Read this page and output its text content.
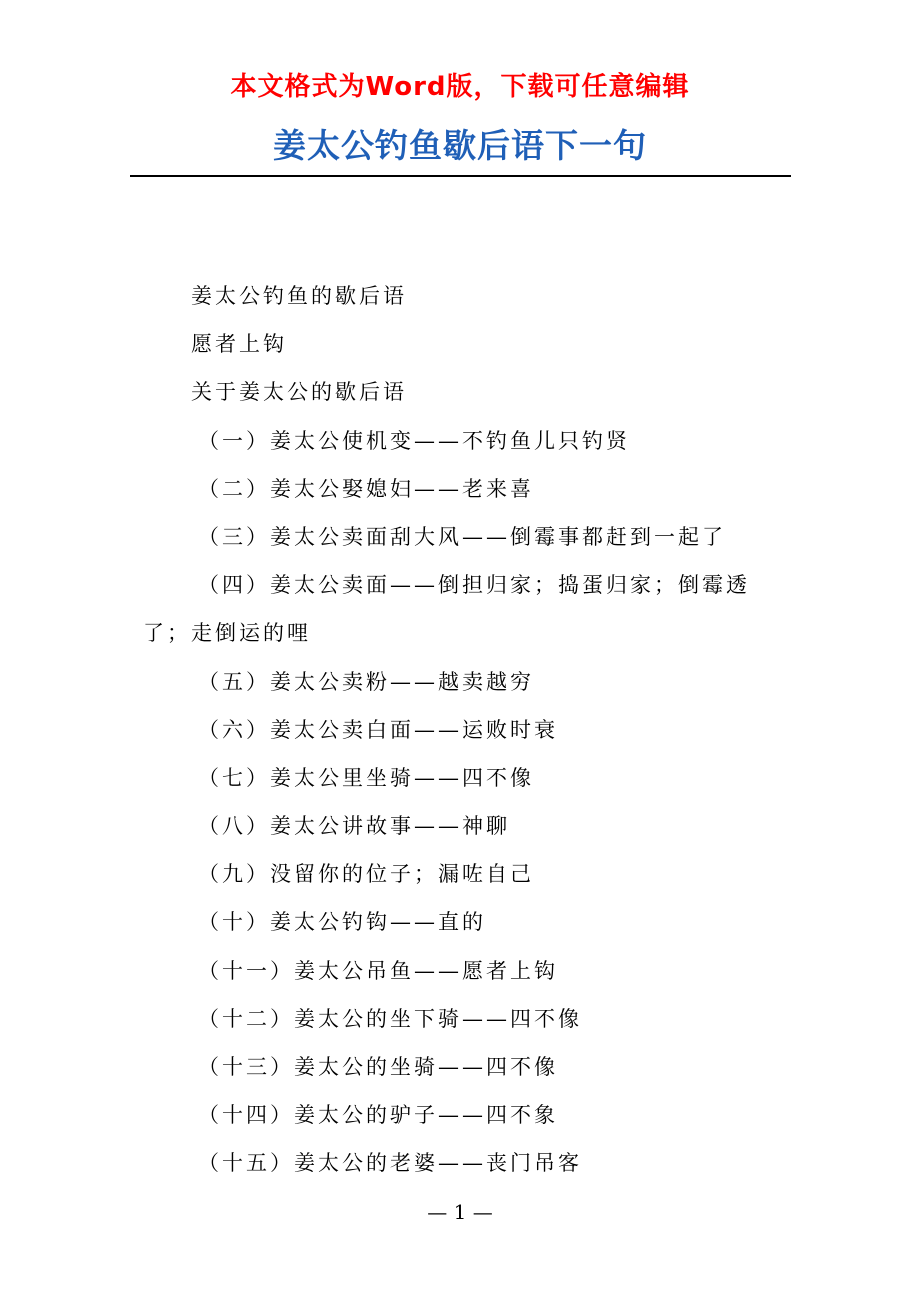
本文格式为Word版，下载可任意编辑
姜太公钓鱼歇后语下一句
姜太公钓鱼的歇后语
愿者上钩
关于姜太公的歇后语
（一）姜太公使机变——不钓鱼儿只钓贤
（二）姜太公娶媳妇——老来喜
（三）姜太公卖面刮大风——倒霉事都赶到一起了
（四）姜太公卖面——倒担归家；捣蛋归家；倒霉透
了；走倒运的哩
（五）姜太公卖粉——越卖越穷
（六）姜太公卖白面——运败时衰
（七）姜太公里坐骑——四不像
（八）姜太公讲故事——神聊
（九）没留你的位子；漏咗自己
（十）姜太公钓钩——直的
（十一）姜太公吊鱼——愿者上钩
（十二）姜太公的坐下骑——四不像
（十三）姜太公的坐骑——四不像
（十四）姜太公的驴子——四不象
（十五）姜太公的老婆——丧门吊客
— 1 —
